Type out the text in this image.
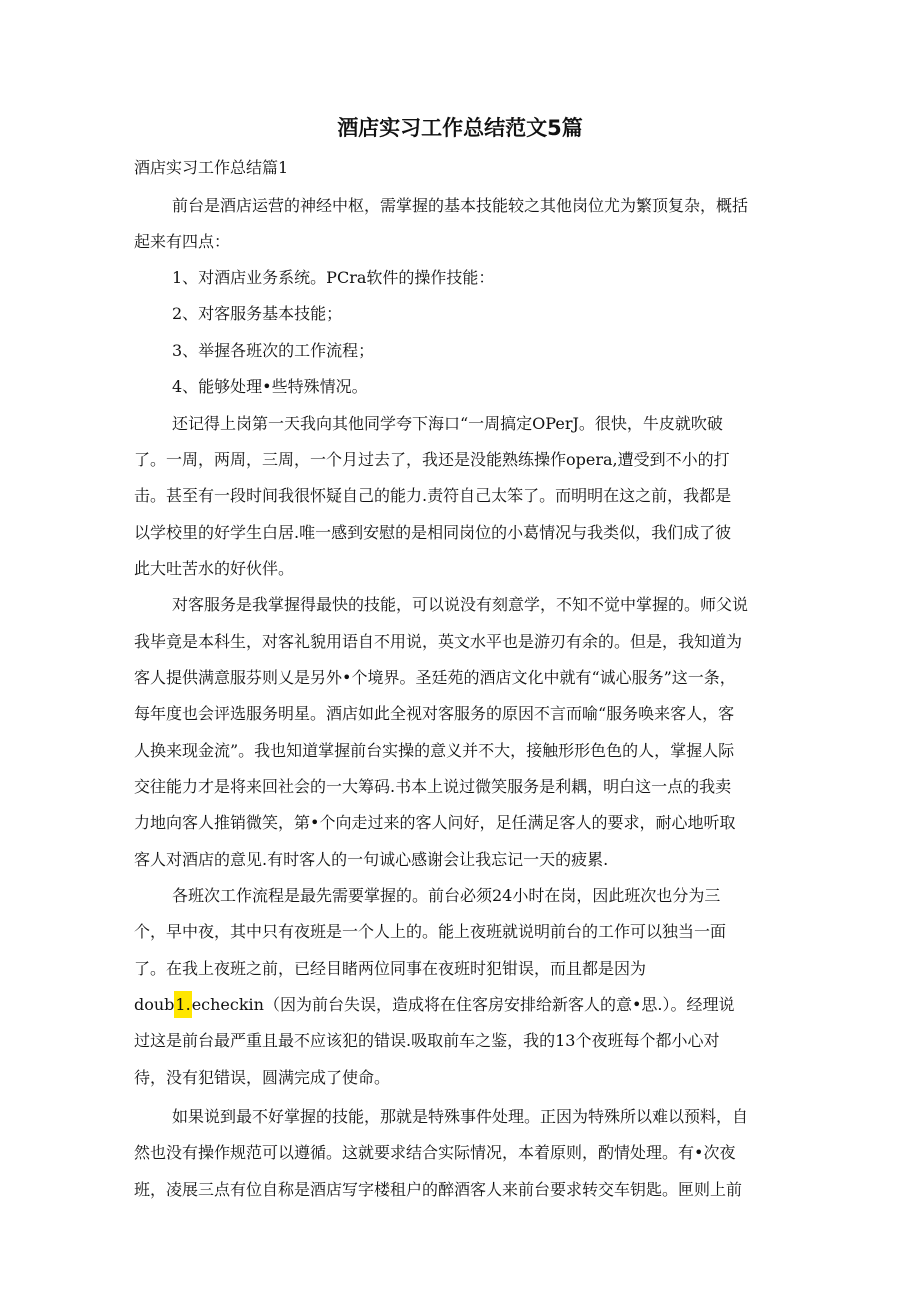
酒店实习工作总结范文5篇

酒店实习工作总结篇1

前台是酒店运营的神经中枢，需掌握的基本技能较之其他岗位尤为繁顶复杂，概括

起来有四点：

1、对酒店业务系统。PCra软件的操作技能：

2、对客服务基本技能；

3、举握各班次的工作流程；

4、能够处理•些特殊情况。

还记得上岗第一天我向其他同学夸下海口“一周搞定OPerJ。很快，牛皮就吹破

了。一周，两周，三周，一个月过去了，我还是没能熟练操作opera,遭受到不小的打

击。甚至有一段时间我很怀疑自己的能力.责符自己太笨了。而明明在这之前，我都是

以学校里的好学生白居.唯一感到安慰的是相同岗位的小葛情况与我类似，我们成了彼

此大吐苦水的好伙伴。

对客服务是我掌握得最快的技能，可以说没有刻意学，不知不觉中掌握的。师父说

我毕竟是本科生，对客礼貌用语自不用说，英文水平也是游刃有余的。但是，我知道为

客人提供满意服芬则乂是另外•个境界。圣廷苑的酒店文化中就有“诚心服务”这一条，

每年度也会评选服务明星。酒店如此全视对客服务的原因不言而喻“服务唤来客人，客

人换来现金流”。我也知道掌握前台实操的意义并不大，接触形形色色的人，掌握人际

交往能力才是将来回社会的一大筹码.书本上说过微笑服务是利耦，明白这一点的我卖

力地向客人推销微笑，第•个向走过来的客人问好，足任满足客人的要求，耐心地听取

客人对酒店的意见.有时客人的一句诚心感谢会让我忘记一天的疲累.

各班次工作流程是最先需要掌握的。前台必须24小时在岗，因此班次也分为三

个，早中夜，其中只有夜班是一个人上的。能上夜班就说明前台的工作可以独当一面

了。在我上夜班之前，已经目睹两位同事在夜班时犯钳误，而且都是因为

doub1.echeckin（因为前台失误，造成将在住客房安排给新客人的意•思.）。经理说

过这是前台最严重且最不应该犯的错误.吸取前车之鉴，我的13个夜班每个都小心对

待，没有犯错误，圆满完成了使命。

如果说到最不好掌握的技能，那就是特殊事件处理。正因为特殊所以难以预料，自

然也没有操作规范可以遵循。这就要求结合实际情况，本着原则，酌情处理。有•次夜

班，凌展三点有位自称是酒店写字楼租户的醉酒客人来前台要求转交车钥匙。匣则上前
